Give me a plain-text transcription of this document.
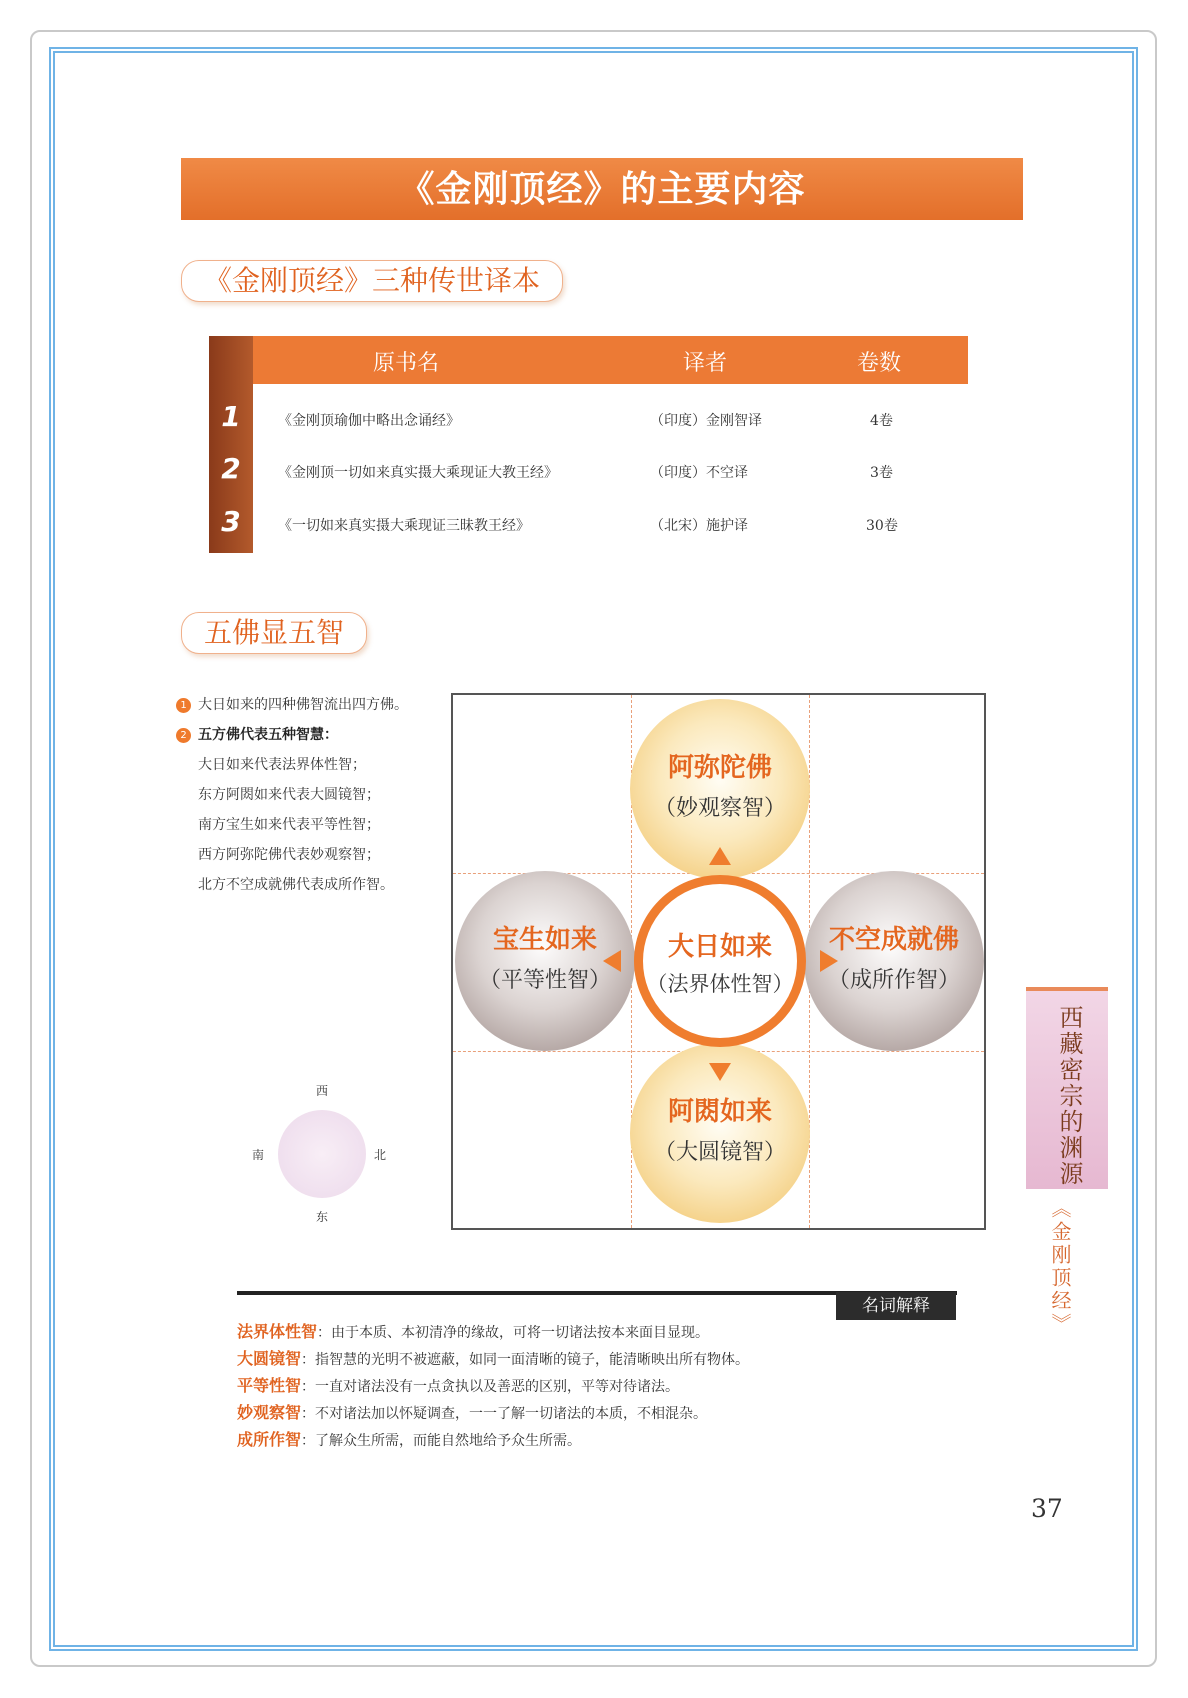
《金刚顶经》的主要内容
《金刚顶经》三种传世译本
原书名	译者	卷数
1	《金刚顶瑜伽中略出念诵经》	（印度）金刚智译	4卷
2	《金刚顶一切如来真实摄大乘现证大教王经》	（印度）不空译	3卷
3	《一切如来真实摄大乘现证三昧教王经》	（北宋）施护译	30卷
五佛显五智
1 大日如来的四种佛智流出四方佛。
2 五方佛代表五种智慧：
大日如来代表法界体性智；
东方阿閦如来代表大圆镜智；
南方宝生如来代表平等性智；
西方阿弥陀佛代表妙观察智；
北方不空成就佛代表成所作智。
阿弥陀佛
（妙观察智）
宝生如来
（平等性智）
不空成就佛
（成所作智）
阿閦如来
（大圆镜智）
大日如来
（法界体性智）
西
南	北
东
西藏密宗的渊源
《金刚顶经》
名词解释
法界体性智：由于本质、本初清净的缘故，可将一切诸法按本来面目显现。
大圆镜智：指智慧的光明不被遮蔽，如同一面清晰的镜子，能清晰映出所有物体。
平等性智：一直对诸法没有一点贪执以及善恶的区别，平等对待诸法。
妙观察智：不对诸法加以怀疑调查，一一了解一切诸法的本质，不相混杂。
成所作智：了解众生所需，而能自然地给予众生所需。
37
